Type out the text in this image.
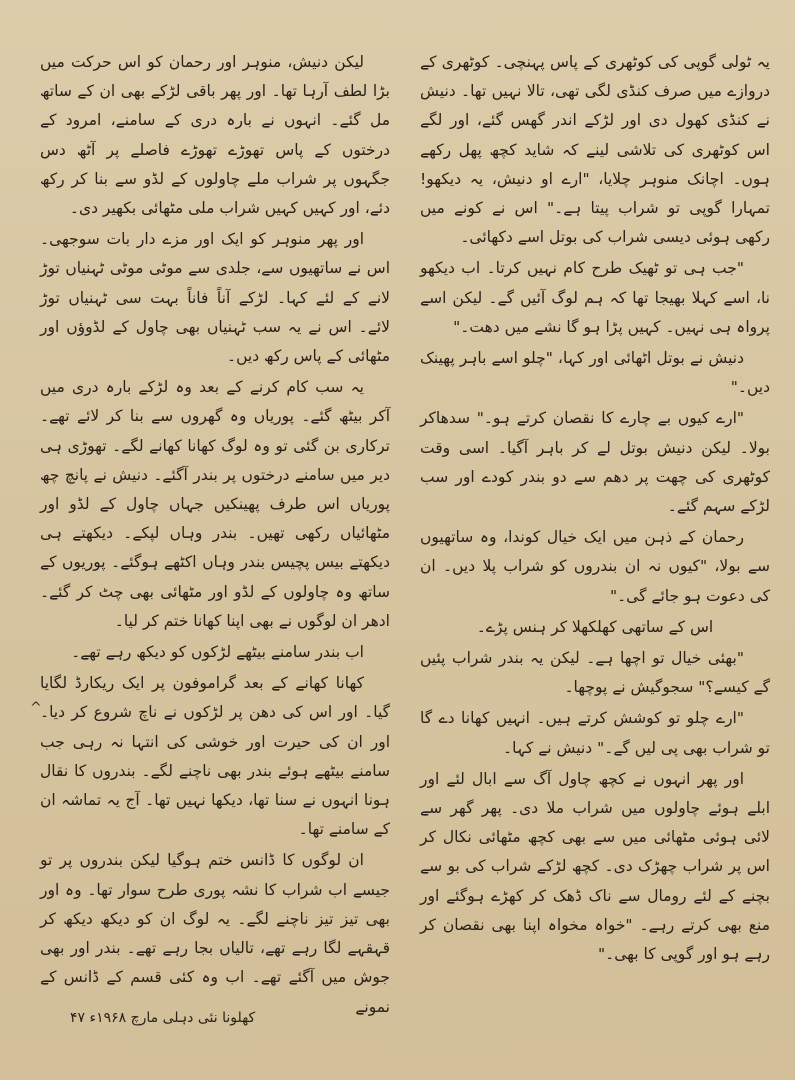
یہ ٹولی گوپی کی کوٹھری کے پاس پہنچی۔ کوٹھری کے دروازے میں صرف کنڈی لگی تھی، تالا نہیں تھا۔ دنیش نے کنڈی کھول دی اور لڑکے اندر گھس گئے، اور لگے اس کوٹھری کی تلاشی لینے کہ شاید کچھ پھل رکھے ہوں۔ اچانک منوہر چلایا، "ارے او دنیش، یہ دیکھو! تمہارا گوپی تو شراب پیتا ہے۔" اس نے کونے میں رکھی ہوئی دیسی شراب کی بوتل اسے دکھائی۔

"جب ہی تو ٹھیک طرح کام نہیں کرتا۔ اب دیکھو نا، اسے کہلا بھیجا تھا کہ ہم لوگ آئیں گے۔ لیکن اسے پرواہ ہی نہیں۔ کہیں پڑا ہو گا نشے میں دھت۔"

دنیش نے بوتل اٹھائی اور کہا، "چلو اسے باہر پھینک دیں۔"

"ارے کیوں بے چارے کا نقصان کرتے ہو۔" سدھاکر بولا۔ لیکن دنیش بوتل لے کر باہر آگیا۔ اسی وقت کوٹھری کی چھت پر دھم سے دو بندر کودے اور سب لڑکے سہم گئے۔

رحمان کے ذہن میں ایک خیال کوندا، وہ ساتھیوں سے بولا، "کیوں نہ ان بندروں کو شراب پلا دیں۔ ان کی دعوت ہو جائے گی۔"

اس کے ساتھی کھلکھلا کر ہنس پڑے۔

"بھئی خیال تو اچھا ہے۔ لیکن یہ بندر شراب پئیں گے کیسے؟" سجوگیش نے پوچھا۔

"ارے چلو تو کوشش کرتے ہیں۔ انہیں کھانا دے گا تو شراب بھی پی لیں گے۔" دنیش نے کہا۔

اور پھر انہوں نے کچھ چاول آگ سے ابال لئے اور ابلے ہوئے چاولوں میں شراب ملا دی۔ پھر گھر سے لائی ہوئی مٹھائی میں سے بھی کچھ مٹھائی نکال کر اس پر شراب چھڑک دی۔ کچھ لڑکے شراب کی بو سے بچنے کے لئے رومال سے ناک ڈھک کر کھڑے ہوگئے اور منع بھی کرتے رہے۔ "خواہ مخواہ اپنا بھی نقصان کر رہے ہو اور گوپی کا بھی۔"

لیکن دنیش، منوہر اور رحمان کو اس حرکت میں بڑا لطف آرہا تھا۔ اور پھر باقی لڑکے بھی ان کے ساتھ مل گئے۔ انہوں نے بارہ دری کے سامنے، امرود کے درختوں کے پاس تھوڑے تھوڑے فاصلے پر آٹھ دس جگہوں پر شراب ملے چاولوں کے لڈو سے بنا کر رکھ دئے، اور کہیں کہیں شراب ملی مٹھائی بکھیر دی۔

اور پھر منوہر کو ایک اور مزے دار بات سوجھی۔ اس نے ساتھیوں سے، جلدی سے موٹی موٹی ٹہنیاں توڑ لانے کے لئے کہا۔ لڑکے آناً فاناً بہت سی ٹہنیاں توڑ لائے۔ اس نے یہ سب ٹہنیاں بھی چاول کے لڈوؤں اور مٹھائی کے پاس رکھ دیں۔

یہ سب کام کرنے کے بعد وہ لڑکے بارہ دری میں آکر بیٹھ گئے۔ پوریاں وہ گھروں سے بنا کر لائے تھے۔ ترکاری بن گئی تو وہ لوگ کھانا کھانے لگے۔ تھوڑی ہی دیر میں سامنے درختوں پر بندر آگئے۔ دنیش نے پانچ چھ پوریاں اس طرف پھینکیں جہاں چاول کے لڈو اور مٹھائیاں رکھی تھیں۔ بندر وہاں لپکے۔ دیکھتے ہی دیکھتے بیس پچیس بندر وہاں اکٹھے ہوگئے۔ پوریوں کے ساتھ وہ چاولوں کے لڈو اور مٹھائی بھی چٹ کر گئے۔ ادھر ان لوگوں نے بھی اپنا کھانا ختم کر لیا۔

اب بندر سامنے بیٹھے لڑکوں کو دیکھ رہے تھے۔

کھانا کھانے کے بعد گراموفون پر ایک ریکارڈ لگایا گیا۔ اور اس کی دھن پر لڑکوں نے ناچ شروع کر دیا۔ اور ان کی حیرت اور خوشی کی انتہا نہ رہی جب سامنے بیٹھے ہوئے بندر بھی ناچنے لگے۔ بندروں کا نقال ہونا انہوں نے سنا تھا، دیکھا نہیں تھا۔ آج یہ تماشہ ان کے سامنے تھا۔

ان لوگوں کا ڈانس ختم ہوگیا لیکن بندروں پر تو جیسے اب شراب کا نشہ پوری طرح سوار تھا۔ وہ اور بھی تیز تیز ناچنے لگے۔ یہ لوگ ان کو دیکھ دیکھ کر قہقہے لگا رہے تھے، تالیاں بجا رہے تھے۔ بندر اور بھی جوش میں آگئے تھے۔ اب وہ کئی قسم کے ڈانس کے نمونے

^
کھلونا نئی دہلی مارچ ۱۹۶۸ء ۴۷
